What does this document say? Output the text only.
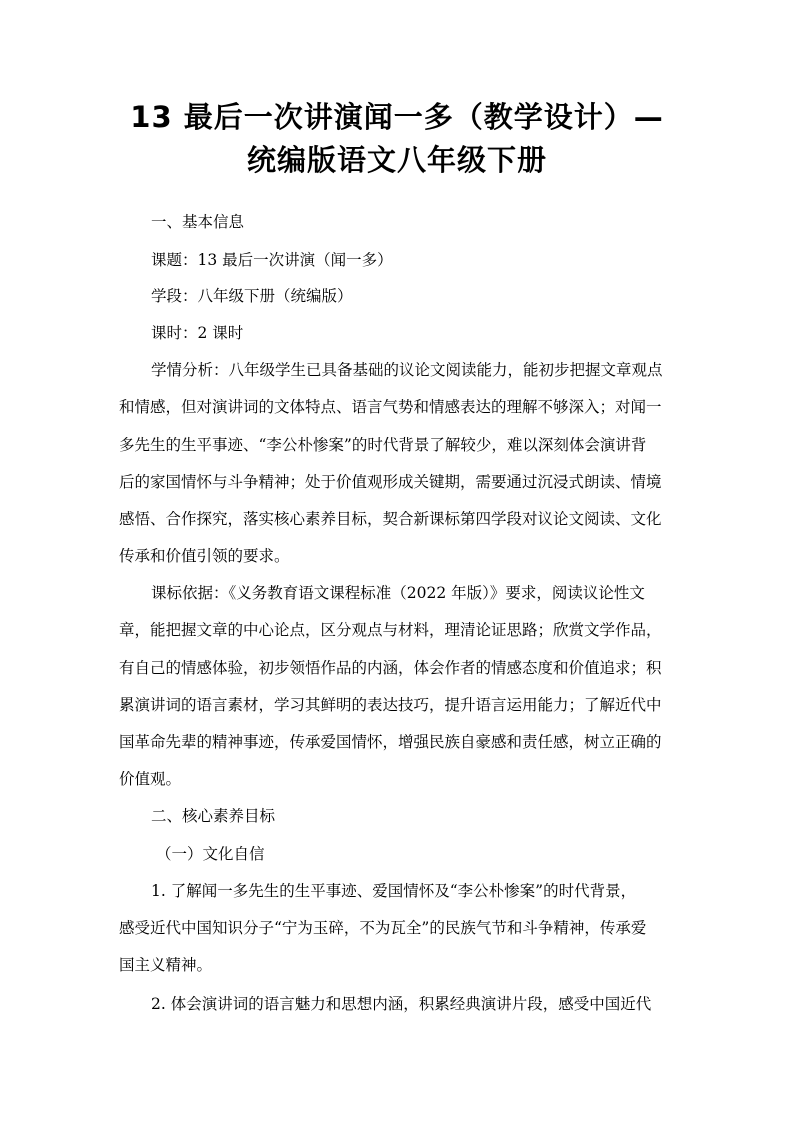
13 最后一次讲演闻一多（教学设计）—
统编版语文八年级下册
一、基本信息
课题：13 最后一次讲演（闻一多）
学段：八年级下册（统编版）
课时：2 课时
学情分析：八年级学生已具备基础的议论文阅读能力，能初步把握文章观点
和情感，但对演讲词的文体特点、语言气势和情感表达的理解不够深入；对闻一
多先生的生平事迹、“李公朴惨案”的时代背景了解较少，难以深刻体会演讲背
后的家国情怀与斗争精神；处于价值观形成关键期，需要通过沉浸式朗读、情境
感悟、合作探究，落实核心素养目标，契合新课标第四学段对议论文阅读、文化
传承和价值引领的要求。
课标依据：《义务教育语文课程标准（2022 年版）》要求，阅读议论性文
章，能把握文章的中心论点，区分观点与材料，理清论证思路；欣赏文学作品，
有自己的情感体验，初步领悟作品的内涵，体会作者的情感态度和价值追求；积
累演讲词的语言素材，学习其鲜明的表达技巧，提升语言运用能力；了解近代中
国革命先辈的精神事迹，传承爱国情怀，增强民族自豪感和责任感，树立正确的
价值观。
二、核心素养目标
（一）文化自信
1. 了解闻一多先生的生平事迹、爱国情怀及“李公朴惨案”的时代背景，
感受近代中国知识分子“宁为玉碎，不为瓦全”的民族气节和斗争精神，传承爱
国主义精神。
2. 体会演讲词的语言魅力和思想内涵，积累经典演讲片段，感受中国近代
